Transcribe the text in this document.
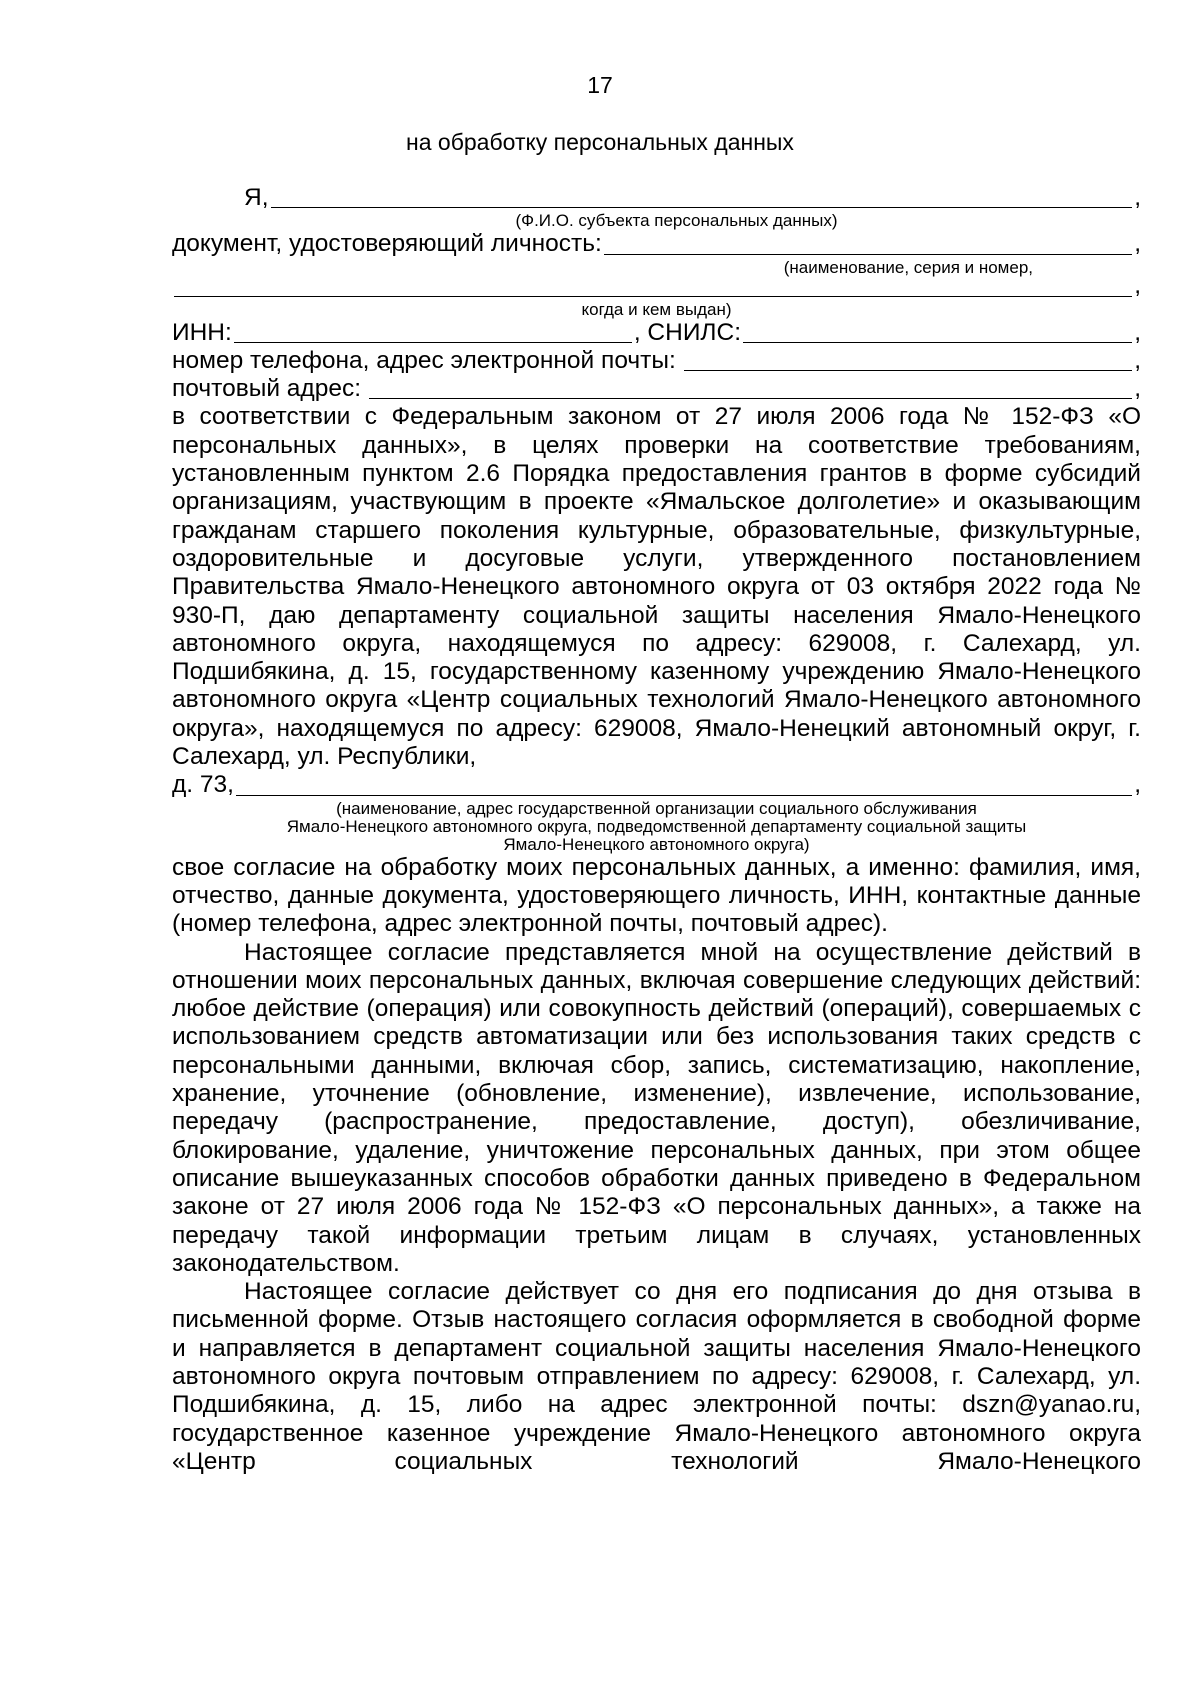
17
на обработку персональных данных
Я,	,
(Ф.И.О. субъекта персональных данных)
документ, удостоверяющий личность:	,
(наименование, серия и номер,
,
когда и кем выдан)
ИНН:	, СНИЛС:	,
номер телефона, адрес электронной почты:	,
почтовый адрес:	,

в соответствии с Федеральным законом от 27 июля 2006 года № 152-ФЗ «О персональных данных», в целях проверки на соответствие требованиям, установленным пунктом 2.6 Порядка предоставления грантов в форме субсидий организациям, участвующим в проекте «Ямальское долголетие» и оказывающим гражданам старшего поколения культурные, образовательные, физкультурные, оздоровительные и досуговые услуги, утвержденного постановлением Правительства Ямало-Ненецкого автономного округа от 03 октября 2022 года № 930-П, даю департаменту социальной защиты населения Ямало-Ненецкого автономного округа, находящемуся по адресу: 629008, г. Салехард, ул. Подшибякина, д. 15, государственному казенному учреждению Ямало-Ненецкого автономного округа «Центр социальных технологий Ямало-Ненецкого автономного округа», находящемуся по адресу: 629008, Ямало-Ненецкий автономный округ, г. Салехард, ул. Республики,

д. 73,	,
(наименование, адрес государственной организации социального обслуживания
Ямало-Ненецкого автономного округа, подведомственной департаменту социальной защиты
Ямало-Ненецкого автономного округа)

свое согласие на обработку моих персональных данных, а именно: фамилия, имя, отчество, данные документа, удостоверяющего личность, ИНН, контактные данные (номер телефона, адрес электронной почты, почтовый адрес).

Настоящее согласие представляется мной на осуществление действий в отношении моих персональных данных, включая совершение следующих действий: любое действие (операция) или совокупность действий (операций), совершаемых с использованием средств автоматизации или без использования таких средств с персональными данными, включая сбор, запись, систематизацию, накопление, хранение, уточнение (обновление, изменение), извлечение, использование, передачу (распространение, предоставление, доступ), обезличивание, блокирование, удаление, уничтожение персональных данных, при этом общее описание вышеуказанных способов обработки данных приведено в Федеральном законе от 27 июля 2006 года № 152-ФЗ «О персональных данных», а также на передачу такой информации третьим лицам в случаях, установленных законодательством.

Настоящее согласие действует со дня его подписания до дня отзыва в письменной форме. Отзыв настоящего согласия оформляется в свободной форме и направляется в департамент социальной защиты населения Ямало-Ненецкого автономного округа почтовым отправлением по адресу: 629008, г. Салехард, ул. Подшибякина, д. 15, либо на адрес электронной почты: dszn@yanao.ru, государственное казенное учреждение Ямало-Ненецкого автономного округа «Центр социальных технологий Ямало-Ненецкого
